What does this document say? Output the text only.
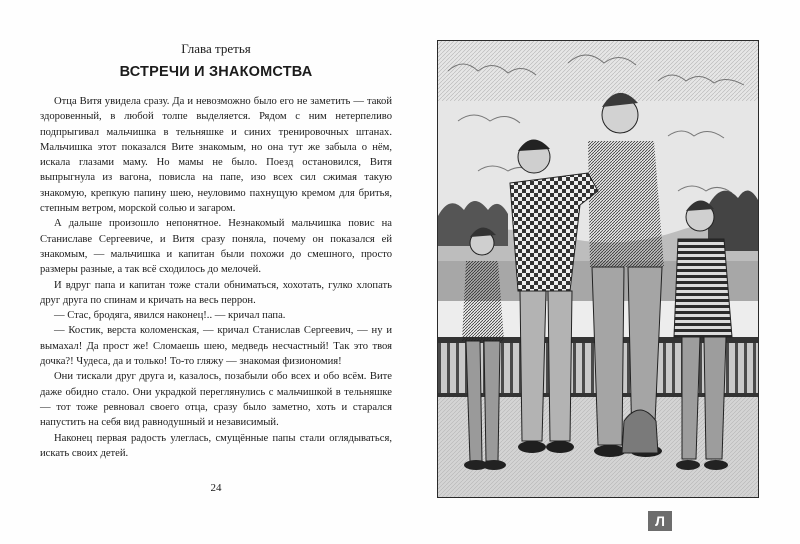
Глава третья

ВСТРЕЧИ И ЗНАКОМСТВА

Отца Витя увидела сразу. Да и невозможно было его не заметить — такой здоровенный, в любой толпе выделяется. Рядом с ним нетерпеливо подпрыгивал мальчишка в тельняшке и синих тренировочных штанах. Мальчишка этот показался Вите знакомым, но она тут же забыла о нём, искала глазами маму. Но мамы не было. Поезд остановился, Витя выпрыгнула из вагона, повисла на папе, изо всех сил сжимая такую знакомую, крепкую папину шею, неуловимо пахнущую кремом для бритья, степным ветром, морской солью и загаром.

А дальше произошло непонятное. Незнакомый мальчишка повис на Станиславе Сергеевиче, и Витя сразу поняла, почему он показался ей знакомым, — мальчишка и капитан были похожи до смешного, просто размеры разные, а так всё сходилось до мелочей.

И вдруг папа и капитан тоже стали обниматься, хохотать, гулко хлопать друг друга по спинам и кричать на весь перрон.

— Стас, бродяга, явился наконец!.. — кричал папа.

— Костик, верста коломенская, — кричал Станислав Сергеевич, — ну и вымахал! Да прост же! Сломаешь шею, медведь несчастный! Так это твоя дочка?! Чудеса, да и только! То-то гляжу — знакомая физиономия!

Они тискали друг друга и, казалось, позабыли обо всех и обо всём. Вите даже обидно стало. Они украдкой переглянулись с мальчишкой в тельняшке — тот тоже ревновал своего отца, сразу было заметно, хоть и старался напустить на себя вид равнодушный и независимый.

Наконец первая радость улеглась, смущённые папы стали оглядываться, искать своих детей.

24
Л
